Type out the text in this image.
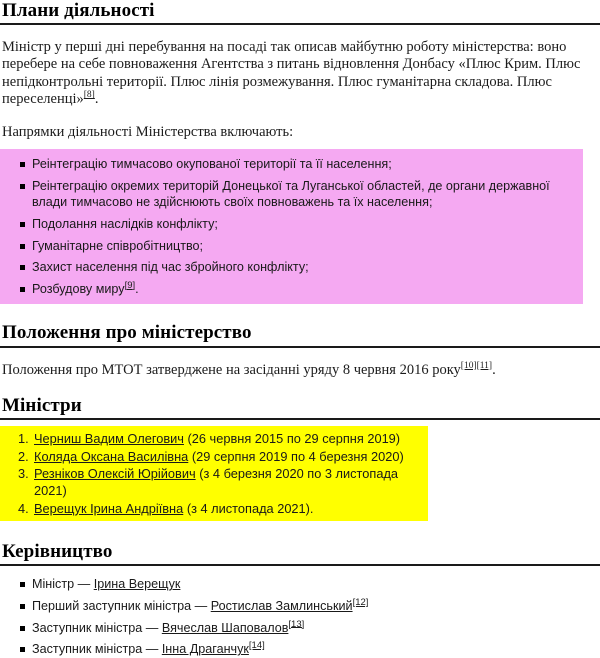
Плани діяльності

Міністр у перші дні перебування на посаді так описав майбутню роботу міністерства: воно перебере на себе повноваження Агентства з питань відновлення Донбасу «Плюс Крим. Плюс непідконтрольні території. Плюс лінія розмежування. Плюс гуманітарна складова. Плюс переселенці»[8].

Напрямки діяльності Міністерства включають:

Реінтеграцію тимчасово окупованої території та її населення;
Реінтеграцію окремих територій Донецької та Луганської областей, де органи державної влади тимчасово не здійснюють своїх повноважень та їх населення;
Подолання наслідків конфлікту;
Гуманітарне співробітництво;
Захист населення під час збройного конфлікту;
Розбудову миру[9].
Положення про міністерство

Положення про МТОТ затверджене на засіданні уряду 8 червня 2016 року[10][11].

Міністри
Черниш Вадим Олегович (26 червня 2015 по 29 серпня 2019)
Коляда Оксана Василівна (29 серпня 2019 по 4 березня 2020)
Резніков Олексій Юрійович (з 4 березня 2020 по 3 листопада 2021)
Верещук Ірина Андріївна (з 4 листопада 2021).
Керівництво
Міністр — Ірина Верещук
Перший заступник міністра — Ростислав Замлинський[12]
Заступник міністра — Вячеслав Шаповалов[13]
Заступник міністра — Інна Драганчук[14]
